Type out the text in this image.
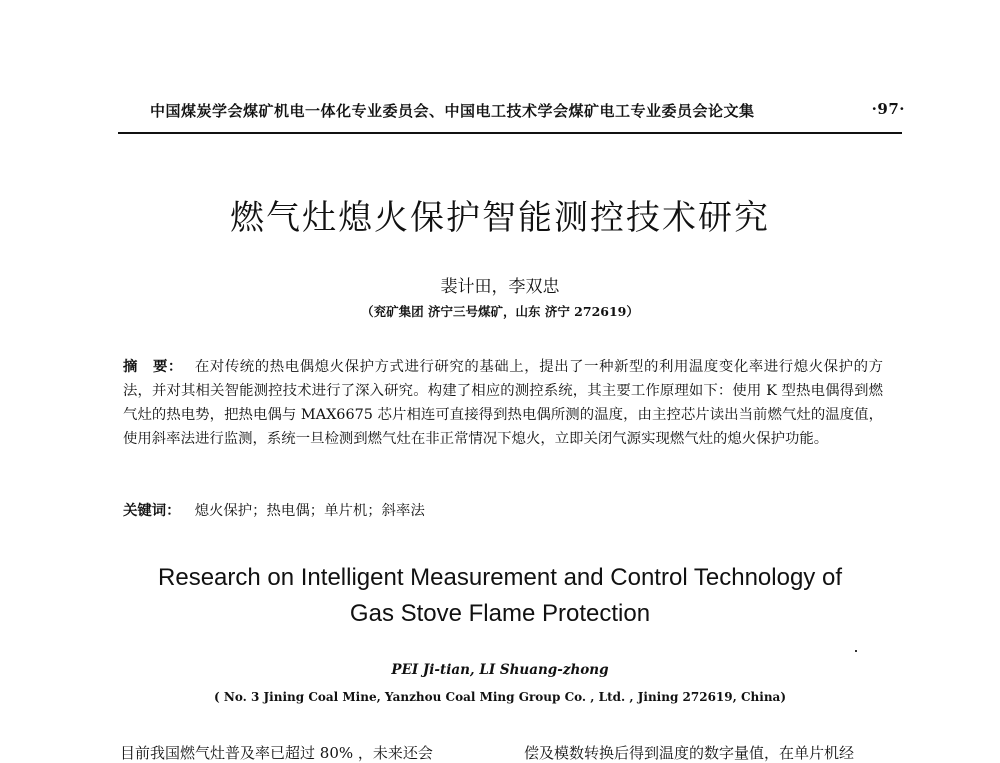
中国煤炭学会煤矿机电一体化专业委员会、中国电工技术学会煤矿电工专业委员会论文集	·97·
燃气灶熄火保护智能测控技术研究
裴计田，李双忠
（兖矿集团 济宁三号煤矿，山东 济宁 272619）
摘　要： 在对传统的热电偶熄火保护方式进行研究的基础上，提出了一种新型的利用温度变化率进行熄火保护的方法，并对其相关智能测控技术进行了深入研究。构建了相应的测控系统，其主要工作原理如下：使用 K 型热电偶得到燃气灶的热电势，把热电偶与 MAX6675 芯片相连可直接得到热电偶所测的温度，由主控芯片读出当前燃气灶的温度值，使用斜率法进行监测，系统一旦检测到燃气灶在非正常情况下熄火，立即关闭气源实现燃气灶的熄火保护功能。
关键词： 熄火保护；热电偶；单片机；斜率法
Research on Intelligent Measurement and Control Technology of
Gas Stove Flame Protection
PEI Ji-tian, LI Shuang-zhong
( No. 3 Jining Coal Mine, Yanzhou Coal Ming Group Co. , Ltd. , Jining 272619, China)
目前我国燃气灶普及率已超过 80% ，未来还会	偿及模数转换后得到温度的数字量值，在单片机经
